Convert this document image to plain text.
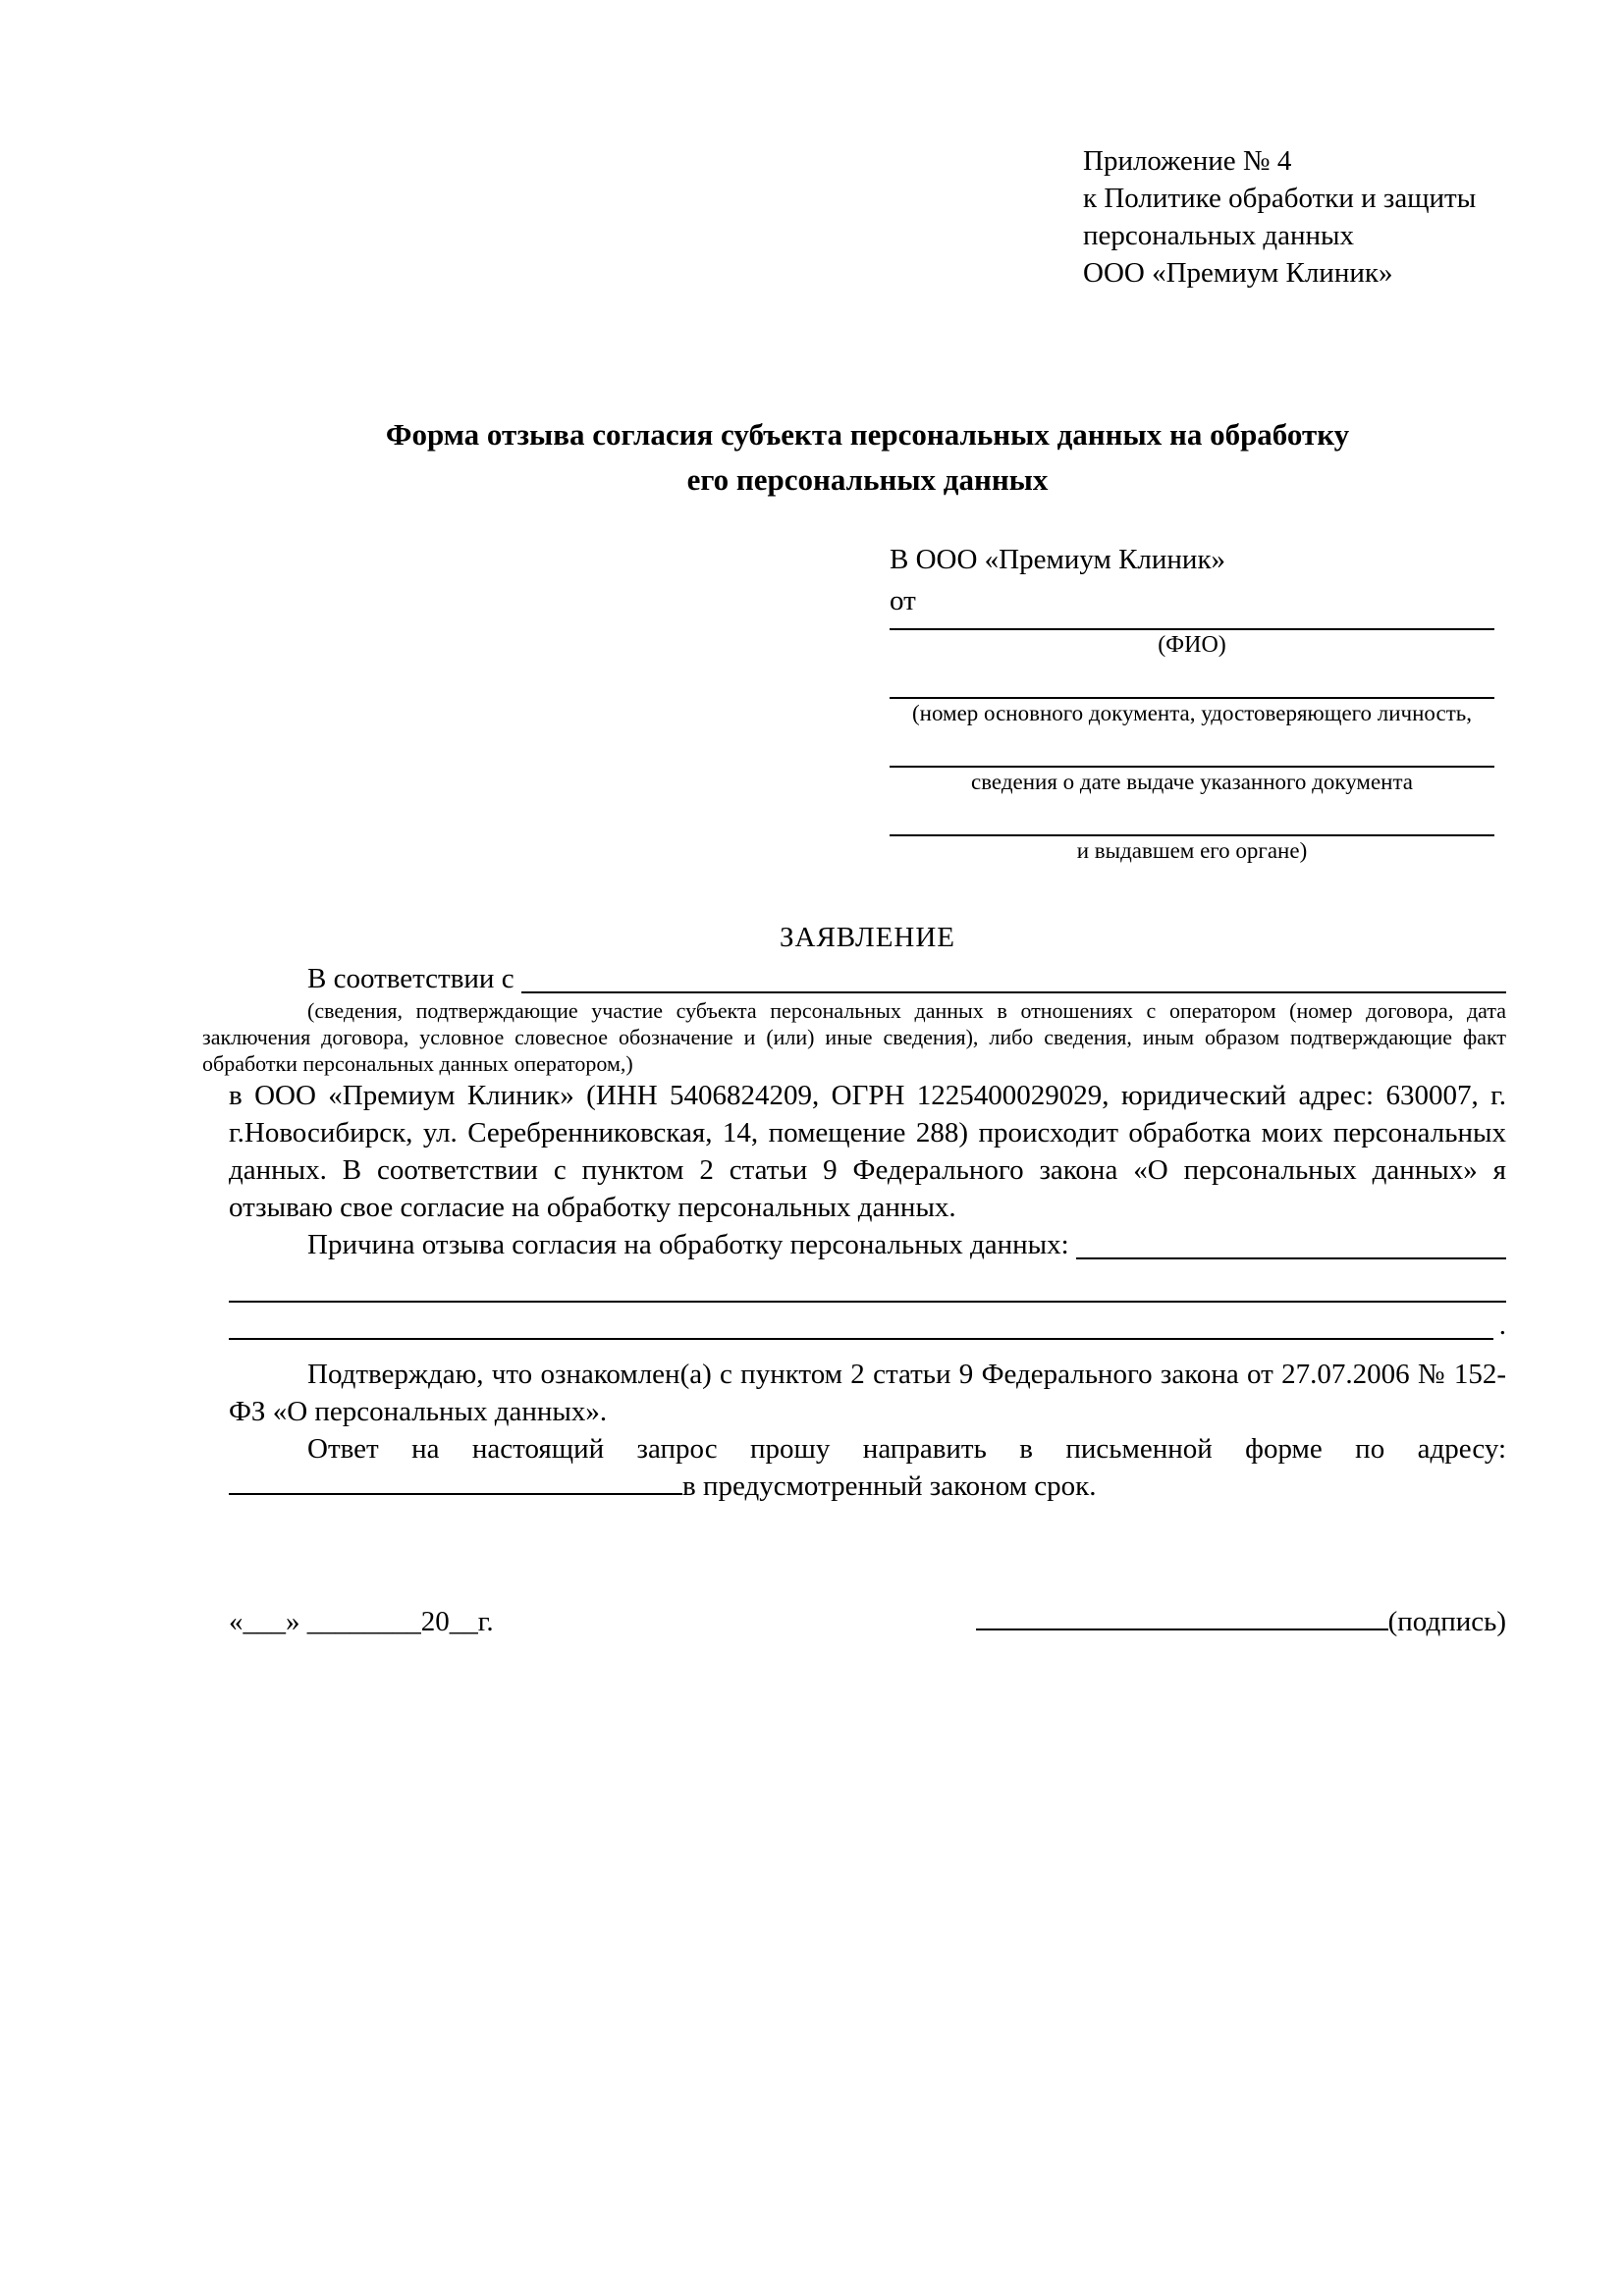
Приложение № 4
к Политике обработки и защиты
персональных данных
ООО «Премиум Клиник»
Форма отзыва согласия субъекта персональных данных на обработку
его персональных данных
В ООО «Премиум Клиник»
от
(ФИО)
(номер основного документа, удостоверяющего личность,
сведения о дате выдаче указанного документа
и выдавшем его органе)
ЗАЯВЛЕНИЕ
В соответствии с

(сведения, подтверждающие участие субъекта персональных данных в отношениях с оператором (номер договора, дата заключения договора, условное словесное обозначение и (или) иные сведения), либо сведения, иным образом подтверждающие факт обработки персональных данных оператором,)

в ООО «Премиум Клиник» (ИНН 5406824209, ОГРН 1225400029029, юридический адрес: 630007, г. г.Новосибирск, ул. Серебренниковская, 14, помещение 288) происходит обработка моих персональных данных. В соответствии с пунктом 2 статьи 9 Федерального закона «О персональных данных» я отзываю свое согласие на обработку персональных данных.

Причина отзыва согласия на обработку персональных данных:
.

Подтверждаю, что ознакомлен(а) с пунктом 2 статьи 9 Федерального закона от 27.07.2006 № 152-ФЗ «О персональных данных».

Ответ на настоящий запрос прошу направить в письменной форме по адресу:

в предусмотренный законом срок.
«___» ________20__г.	(подпись)
